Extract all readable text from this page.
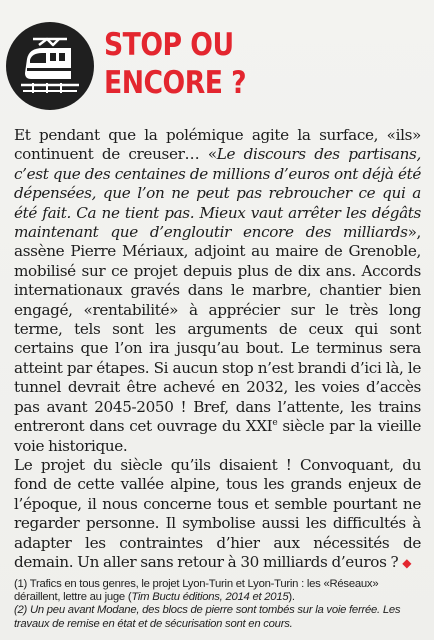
STOP OU
ENCORE ?

Et pendant que la polémique agite la surface, «ils» continuent de creuser… «Le discours des partisans, c’est que des centaines de millions d’euros ont déjà été dépensées, que l’on ne peut pas rebroucher ce qui a été fait. Ca ne tient pas. Mieux vaut arrêter les dégâts maintenant que d’engloutir encore des milliards», assène Pierre Mériaux, adjoint au maire de Grenoble, mobilisé sur ce projet depuis plus de dix ans. Accords internationaux gravés dans le marbre, chantier bien engagé, «rentabilité» à apprécier sur le très long terme, tels sont les arguments de ceux qui sont certains que l’on ira jusqu’au bout. Le terminus sera atteint par étapes. Si aucun stop n’est brandi d’ici là, le tunnel devrait être achevé en 2032, les voies d’accès pas avant 2045-2050 ! Bref, dans l’attente, les trains entreront dans cet ouvrage du XXIe siècle par la vieille voie historique.

Le projet du siècle qu’ils disaient ! Convoquant, du fond de cette vallée alpine, tous les grands enjeux de l’époque, il nous concerne tous et semble pourtant ne regarder personne. Il symbolise aussi les difficultés à adapter les contraintes d’hier aux nécessités de demain. Un aller sans retour à 30 milliards d’euros ? ◆

(1) Trafics en tous genres, le projet Lyon-Turin et Lyon-Turin : les «Réseaux» déraillent, lettre au juge (Tim Buctu éditions, 2014 et 2015).

(2) Un peu avant Modane, des blocs de pierre sont tombés sur la voie ferrée. Les travaux de remise en état et de sécurisation sont en cours.
